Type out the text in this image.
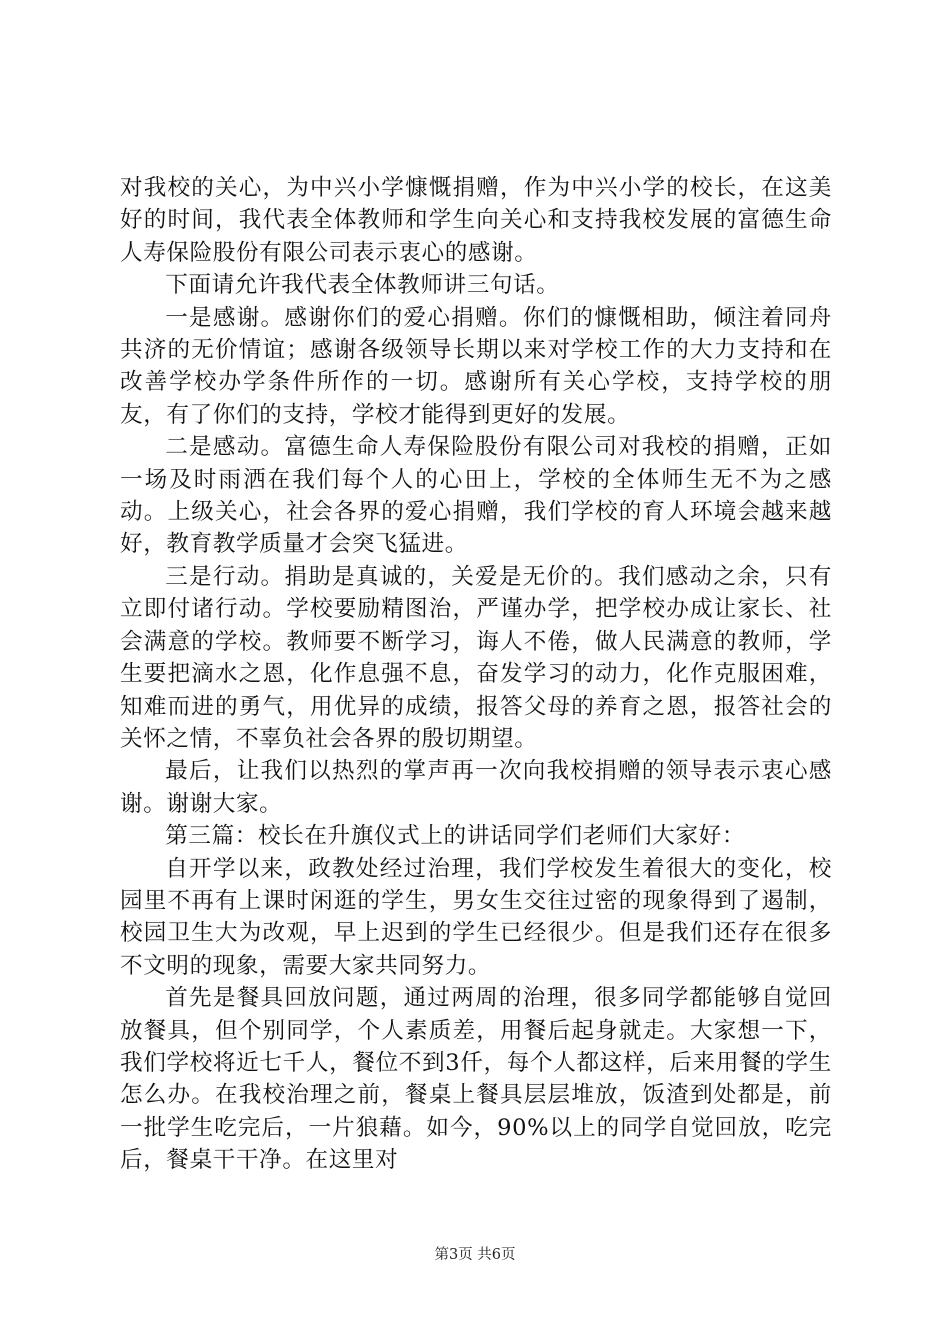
对我校的关心，为中兴小学慷慨捐赠，作为中兴小学的校长，在这美好的时间，我代表全体教师和学生向关心和支持我校发展的富德生命人寿保险股份有限公司表示衷心的感谢。

下面请允许我代表全体教师讲三句话。

一是感谢。感谢你们的爱心捐赠。你们的慷慨相助，倾注着同舟共济的无价情谊；感谢各级领导长期以来对学校工作的大力支持和在改善学校办学条件所作的一切。感谢所有关心学校，支持学校的朋友，有了你们的支持，学校才能得到更好的发展。

二是感动。富德生命人寿保险股份有限公司对我校的捐赠，正如一场及时雨洒在我们每个人的心田上，学校的全体师生无不为之感动。上级关心，社会各界的爱心捐赠，我们学校的育人环境会越来越好，教育教学质量才会突飞猛进。

三是行动。捐助是真诚的，关爱是无价的。我们感动之余，只有立即付诸行动。学校要励精图治，严谨办学，把学校办成让家长、社会满意的学校。教师要不断学习，诲人不倦，做人民满意的教师，学生要把滴水之恩，化作息强不息，奋发学习的动力，化作克服困难，知难而进的勇气，用优异的成绩，报答父母的养育之恩，报答社会的关怀之情，不辜负社会各界的殷切期望。

最后，让我们以热烈的掌声再一次向我校捐赠的领导表示衷心感谢。谢谢大家。

第三篇：校长在升旗仪式上的讲话同学们老师们大家好：

自开学以来，政教处经过治理，我们学校发生着很大的变化，校园里不再有上课时闲逛的学生，男女生交往过密的现象得到了遏制，校园卫生大为改观，早上迟到的学生已经很少。但是我们还存在很多不文明的现象，需要大家共同努力。

首先是餐具回放问题，通过两周的治理，很多同学都能够自觉回放餐具，但个别同学，个人素质差，用餐后起身就走。大家想一下，我们学校将近七千人，餐位不到3仟，每个人都这样，后来用餐的学生怎么办。在我校治理之前，餐桌上餐具层层堆放，饭渣到处都是，前一批学生吃完后，一片狼藉。如今，90%以上的同学自觉回放，吃完后，餐桌干干净。在这里对

第3页 共6页
